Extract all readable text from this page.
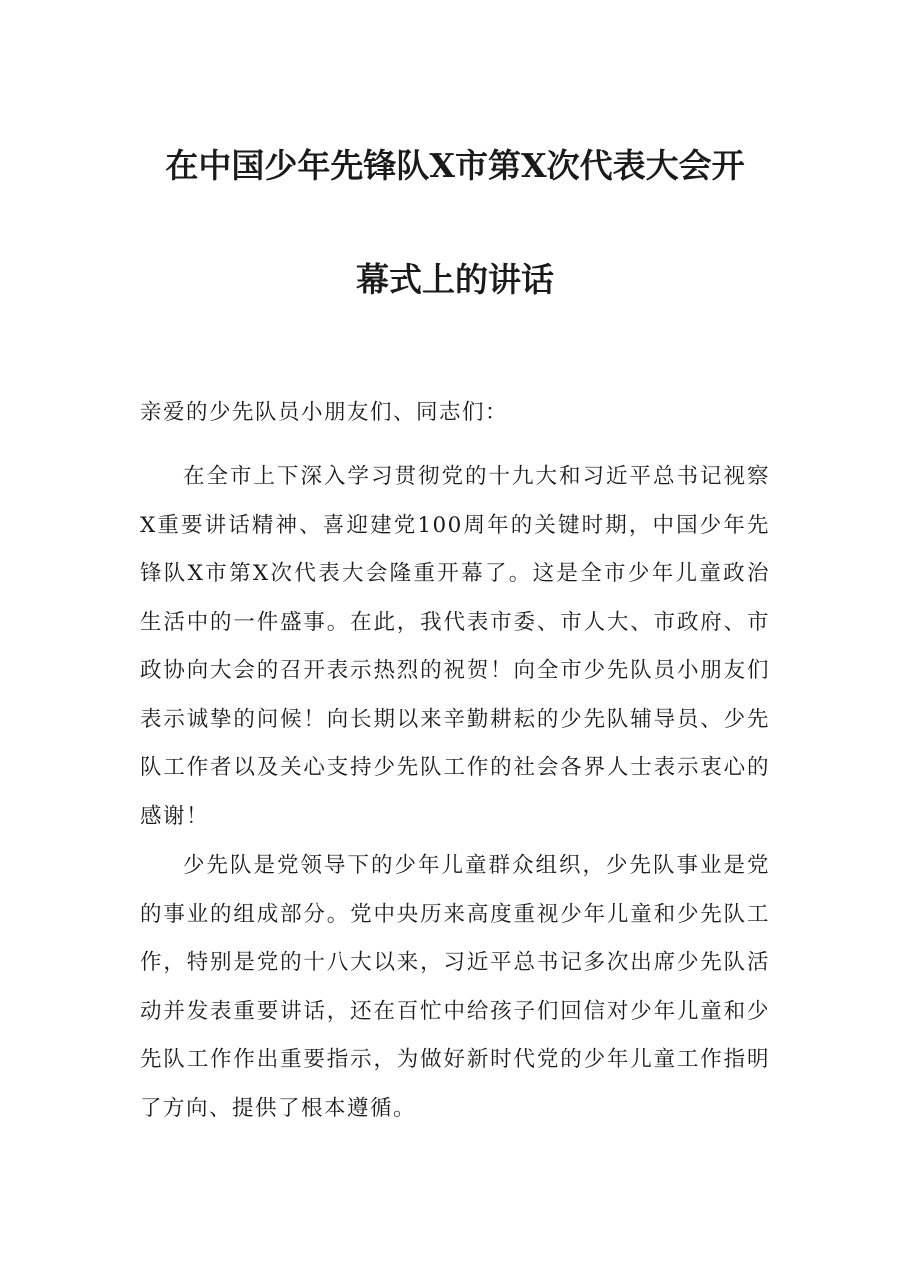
在中国少年先锋队X市第X次代表大会开
幕式上的讲话

亲爱的少先队员小朋友们、同志们：

在全市上下深入学习贯彻党的十九大和习近平总书记视察X重要讲话精神、喜迎建党100周年的关键时期，中国少年先锋队X市第X次代表大会隆重开幕了。这是全市少年儿童政治生活中的一件盛事。在此，我代表市委、市人大、市政府、市政协向大会的召开表示热烈的祝贺！向全市少先队员小朋友们表示诚挚的问候！向长期以来辛勤耕耘的少先队辅导员、少先队工作者以及关心支持少先队工作的社会各界人士表示衷心的感谢！

少先队是党领导下的少年儿童群众组织，少先队事业是党的事业的组成部分。党中央历来高度重视少年儿童和少先队工作，特别是党的十八大以来，习近平总书记多次出席少先队活动并发表重要讲话，还在百忙中给孩子们回信对少年儿童和少先队工作作出重要指示，为做好新时代党的少年儿童工作指明了方向、提供了根本遵循。
